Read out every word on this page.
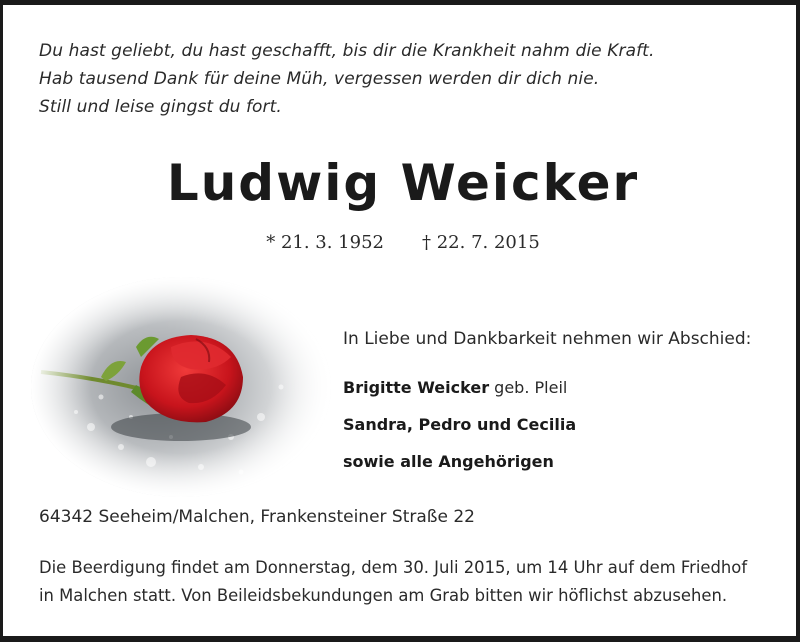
Du hast geliebt, du hast geschafft, bis dir die Krankheit nahm die Kraft.
Hab tausend Dank für deine Müh, vergessen werden dir dich nie.
Still und leise gingst du fort.
Ludwig Weicker
* 21. 3. 1952 † 22. 7. 2015
In Liebe und Dankbarkeit nehmen wir Abschied:
Brigitte Weicker geb. Pleil
Sandra, Pedro und Cecilia
sowie alle Angehörigen
64342 Seeheim/Malchen, Frankensteiner Straße 22
Die Beerdigung findet am Donnerstag, dem 30. Juli 2015, um 14 Uhr auf dem Friedhof
in Malchen statt. Von Beileidsbekundungen am Grab bitten wir höflichst abzusehen.
